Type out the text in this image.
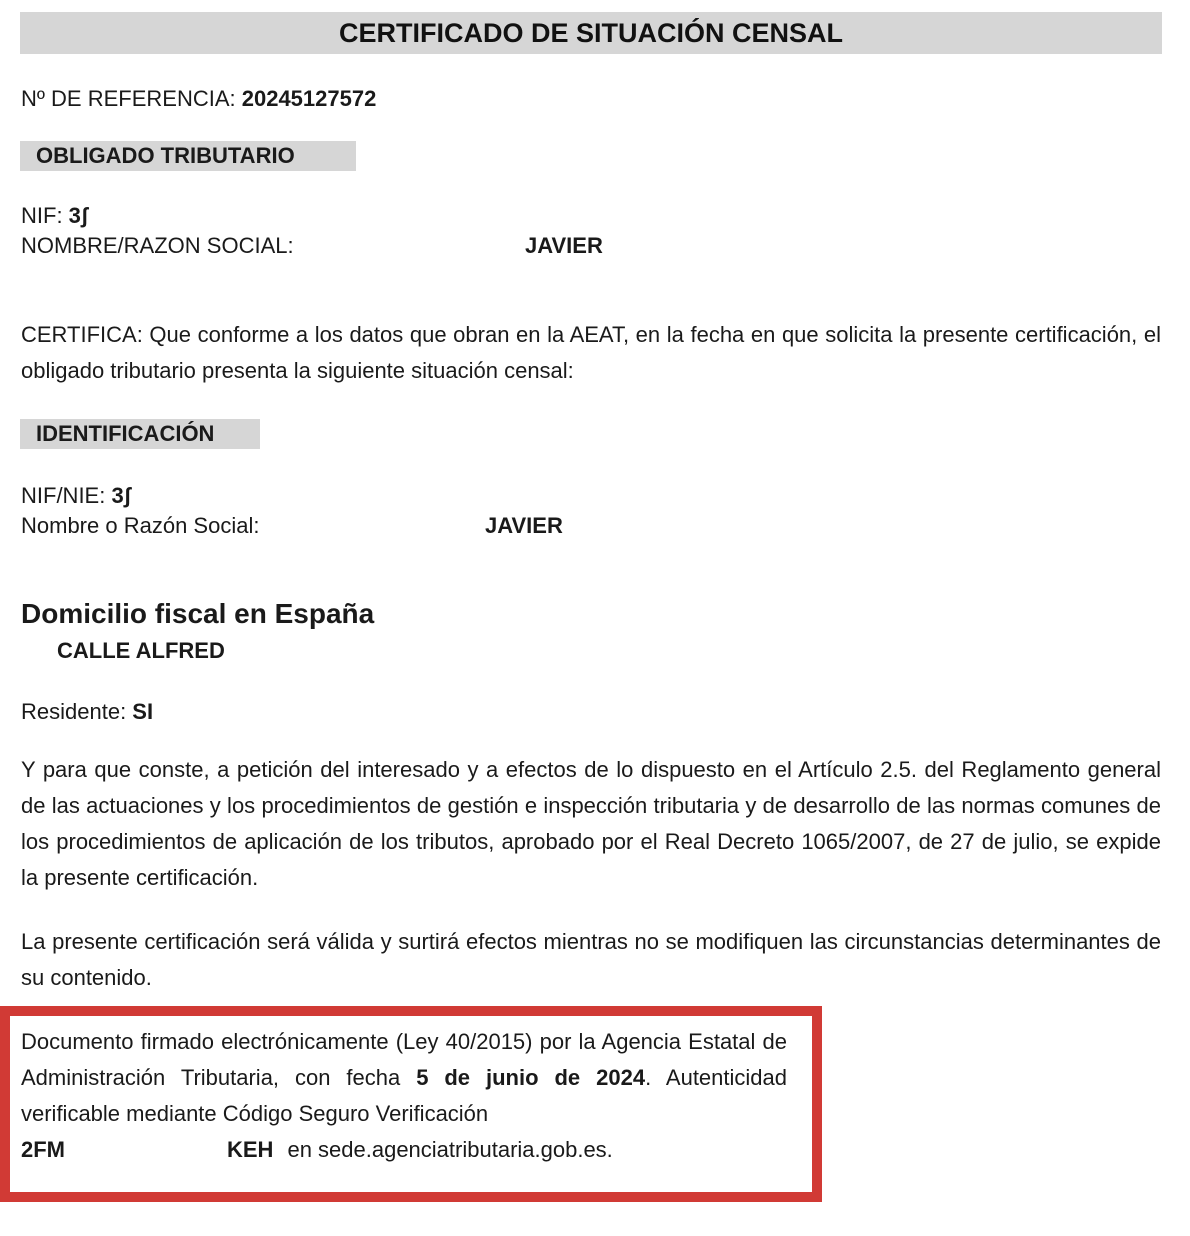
CERTIFICADO DE SITUACIÓN CENSAL
Nº DE REFERENCIA: 20245127572
OBLIGADO TRIBUTARIO
NIF: 3ʃ
NOMBRE/RAZON SOCIAL:	JAVIER
CERTIFICA: Que conforme a los datos que obran en la AEAT, en la fecha en que solicita la presente certificación, el obligado tributario presenta la siguiente situación censal:
IDENTIFICACIÓN
NIF/NIE: 3ʃ
Nombre o Razón Social:	JAVIER
Domicilio fiscal en España
CALLE ALFRED
Residente: SI
Y para que conste, a petición del interesado y a efectos de lo dispuesto en el Artículo 2.5. del Reglamento general de las actuaciones y los procedimientos de gestión e inspección tributaria y de desarrollo de las normas comunes de los procedimientos de aplicación de los tributos, aprobado por el Real Decreto 1065/2007, de 27 de julio, se expide la presente certificación.
La presente certificación será válida y surtirá efectos mientras no se modifiquen las circunstancias determinantes de su contenido.
Documento firmado electrónicamente (Ley 40/2015) por la Agencia Estatal de Administración Tributaria, con fecha 5 de junio de 2024. Autenticidad verificable mediante Código Seguro Verificación
2FM	KEH en sede.agenciatributaria.gob.es.
